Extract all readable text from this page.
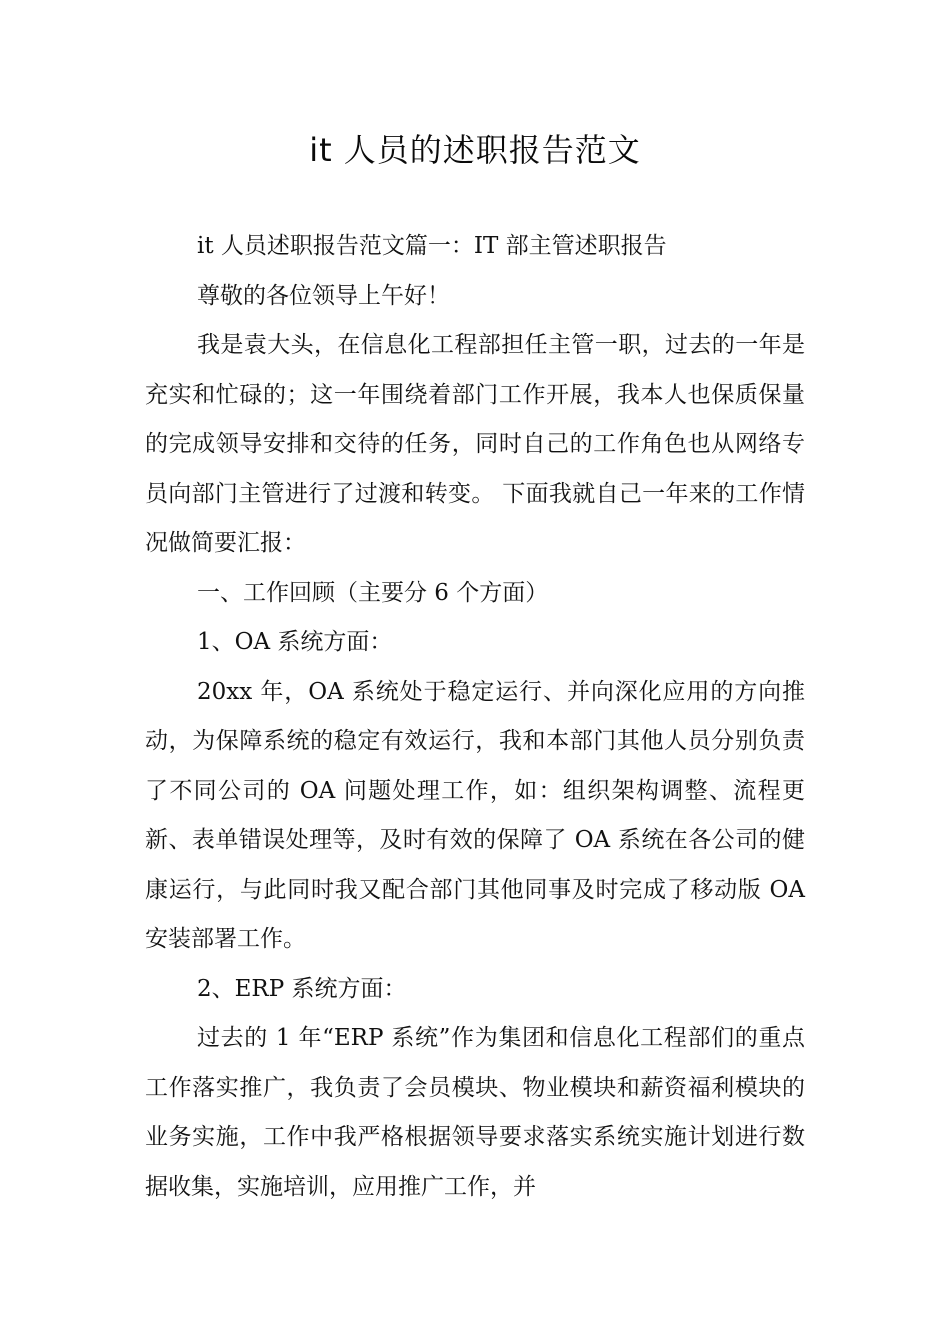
it 人员的述职报告范文

it 人员述职报告范文篇一：IT 部主管述职报告

尊敬的各位领导上午好！

我是袁大头，在信息化工程部担任主管一职，过去的一年是充实和忙碌的；这一年围绕着部门工作开展，我本人也保质保量的完成领导安排和交待的任务，同时自己的工作角色也从网络专员向部门主管进行了过渡和转变。 下面我就自己一年来的工作情况做简要汇报：

一、工作回顾（主要分 6 个方面）

1、OA 系统方面：

20xx 年，OA 系统处于稳定运行、并向深化应用的方向推动，为保障系统的稳定有效运行，我和本部门其他人员分别负责了不同公司的 OA 问题处理工作，如：组织架构调整、流程更新、表单错误处理等，及时有效的保障了 OA 系统在各公司的健康运行，与此同时我又配合部门其他同事及时完成了移动版 OA 安装部署工作。

2、ERP 系统方面：

过去的 1 年“ERP 系统”作为集团和信息化工程部们的重点工作落实推广，我负责了会员模块、物业模块和薪资福利模块的业务实施，工作中我严格根据领导要求落实系统实施计划进行数据收集，实施培训，应用推广工作，并
